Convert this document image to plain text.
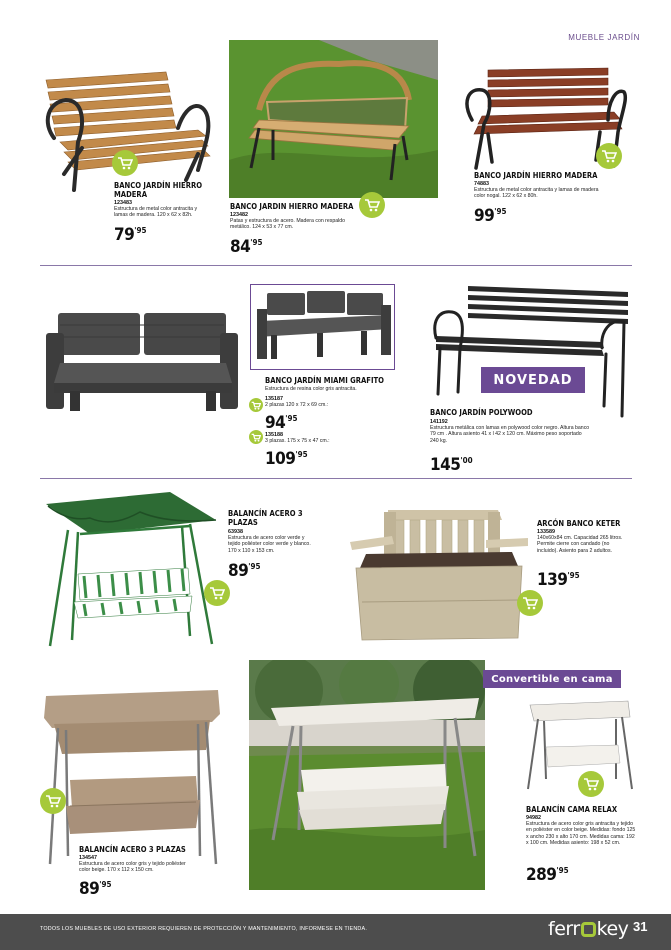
MUEBLE JARDÍN
BANCO JARDÍN HIERRO MADERA
123483
Estructura de metal color antracita y lamas de madera. 120 x 62 x 82h.
$79^{'95}$
BANCO JARDIN HIERRO MADERA
123482
Patas y estructura de acero. Madera con respaldo metálico. 124 x 53 x 77 cm.
$84^{'95}$
BANCO JARDÍN HIERRO MADERA
74883
Estructura de metal color antracita y lamas de madera color nogal. 122 x 62 x 80h.
$99^{'95}$
BANCO JARDÍN MIAMI GRAFITO
Estructura de resina color gris antracita.
135187
2 plazas 120 x 72 x 69 cm.:
$94^{'95}$
135188
3 plazas. 175 x 75 x 47 cm.:
$109^{'95}$
NOVEDAD
BANCO JARDÍN POLYWOOD
141192
Estructura metálica con lamas en polywood color negro. Altura banco 79 cm . Altura asiento 41 x l 42 x 120 cm. Máximo peso soportado 240 kg.
$145^{'00}$
BALANCÍN ACERO 3 PLAZAS
63938
Estructura de acero color verde y tejido poliéster color verde y blanco. 170 x 110 x 153 cm.
$89^{'95}$
ARCÓN BANCO KETER
133589
140x60x84 cm. Capacidad 265 litros. Permite cierre con candado (no incluido). Asiento para 2 adultos.
$139^{'95}$
BALANCÍN ACERO 3 PLAZAS
134547
Estructura de acero color gris y tejido poliéster color beige. 170 x 112 x 150 cm.
$89^{'95}$
Convertible en cama
BALANCÍN CAMA RELAX
94982
Estructura de acero color gris antracita y tejido en poliéster en color beige. Medidas: fondo 125 x ancho 230 x alto 170 cm. Medidas cama: 192 x 100 cm. Medidas asiento: 198 x 52 cm.
$289^{'95}$
TODOS LOS MUEBLES DE USO EXTERIOR REQUIEREN DE PROTECCIÓN Y MANTENIMIENTO, INFORMESE EN TIENDA.	ferr key 31
